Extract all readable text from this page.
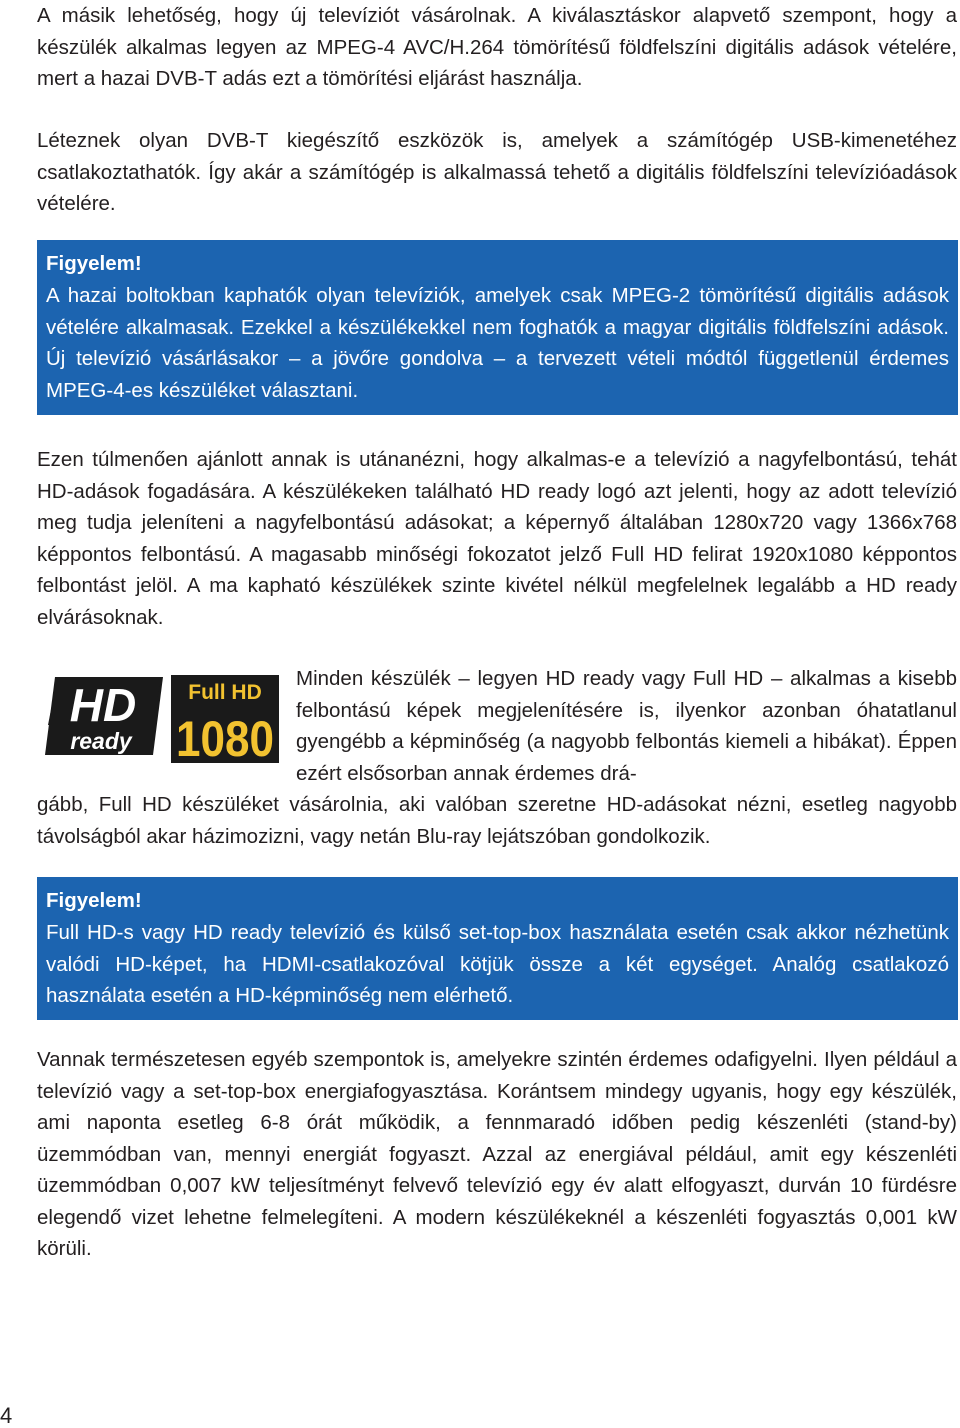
A másik lehetőség, hogy új televíziót vásárolnak. A kiválasztáskor alapvető szempont, hogy a készülék alkalmas legyen az MPEG-4 AVC/H.264 tömörítésű földfelszíni digitális adások vételére, mert a hazai DVB-T adás ezt a tömörítési eljárást használja.

Léteznek olyan DVB-T kiegészítő eszközök is, amelyek a számítógép USB-kimenetéhez csatlakoztathatók. Így akár a számítógép is alkalmassá tehető a digitális földfelszíni televízióadások vételére.

Figyelem!

A hazai boltokban kaphatók olyan televíziók, amelyek csak MPEG-2 tömörítésű digitális adások vételére alkalmasak. Ezekkel a készülékekkel nem foghatók a magyar digitális földfelszíni adások. Új televízió vásárlásakor – a jövőre gondolva – a tervezett vételi módtól függetlenül érdemes MPEG-4-es készüléket választani.

Ezen túlmenően ajánlott annak is utánanézni, hogy alkalmas-e a televízió a nagyfelbontású, tehát HD-adások fogadására. A készülékeken található HD ready logó azt jelenti, hogy az adott televízió meg tudja jeleníteni a nagyfelbontású adásokat; a képernyő általában 1280x720 vagy 1366x768 képpontos felbontású. A magasabb minőségi fokozatot jelző Full HD felirat 1920x1080 képpontos felbontást jelöl. A ma kapható készülékek szinte kivétel nélkül megfelelnek legalább a HD ready elvárásoknak.

HD
ready
Full HD
1080

Minden készülék – legyen HD ready vagy Full HD – alkalmas a kisebb felbontású képek megjelenítésére is, ilyenkor azonban óhatatlanul gyengébb a képminőség (a nagyobb felbontás kiemeli a hibákat). Éppen ezért elsősorban annak érdemes drá-

gább, Full HD készüléket vásárolnia, aki valóban szeretne HD-adásokat nézni, esetleg nagyobb távolságból akar házimozizni, vagy netán Blu-ray lejátszóban gondolkozik.

Figyelem!

Full HD-s vagy HD ready televízió és külső set-top-box használata esetén csak akkor nézhetünk valódi HD-képet, ha HDMI-csatlakozóval kötjük össze a két egységet. Analóg csatlakozó használata esetén a HD-képminőség nem elérhető.

Vannak természetesen egyéb szempontok is, amelyekre szintén érdemes odafigyelni. Ilyen például a televízió vagy a set-top-box energiafogyasztása. Korántsem mindegy ugyanis, hogy egy készülék, ami naponta esetleg 6-8 órát működik, a fennmaradó időben pedig készenléti (stand-by) üzemmódban van, mennyi energiát fogyaszt. Azzal az energiával például, amit egy készenléti üzemmódban 0,007 kW teljesítményt felvevő televízió egy év alatt elfogyaszt, durván 10 fürdésre elegendő vizet lehetne felmelegíteni. A modern készülékeknél a készenléti fogyasztás 0,001 kW körüli.

4
